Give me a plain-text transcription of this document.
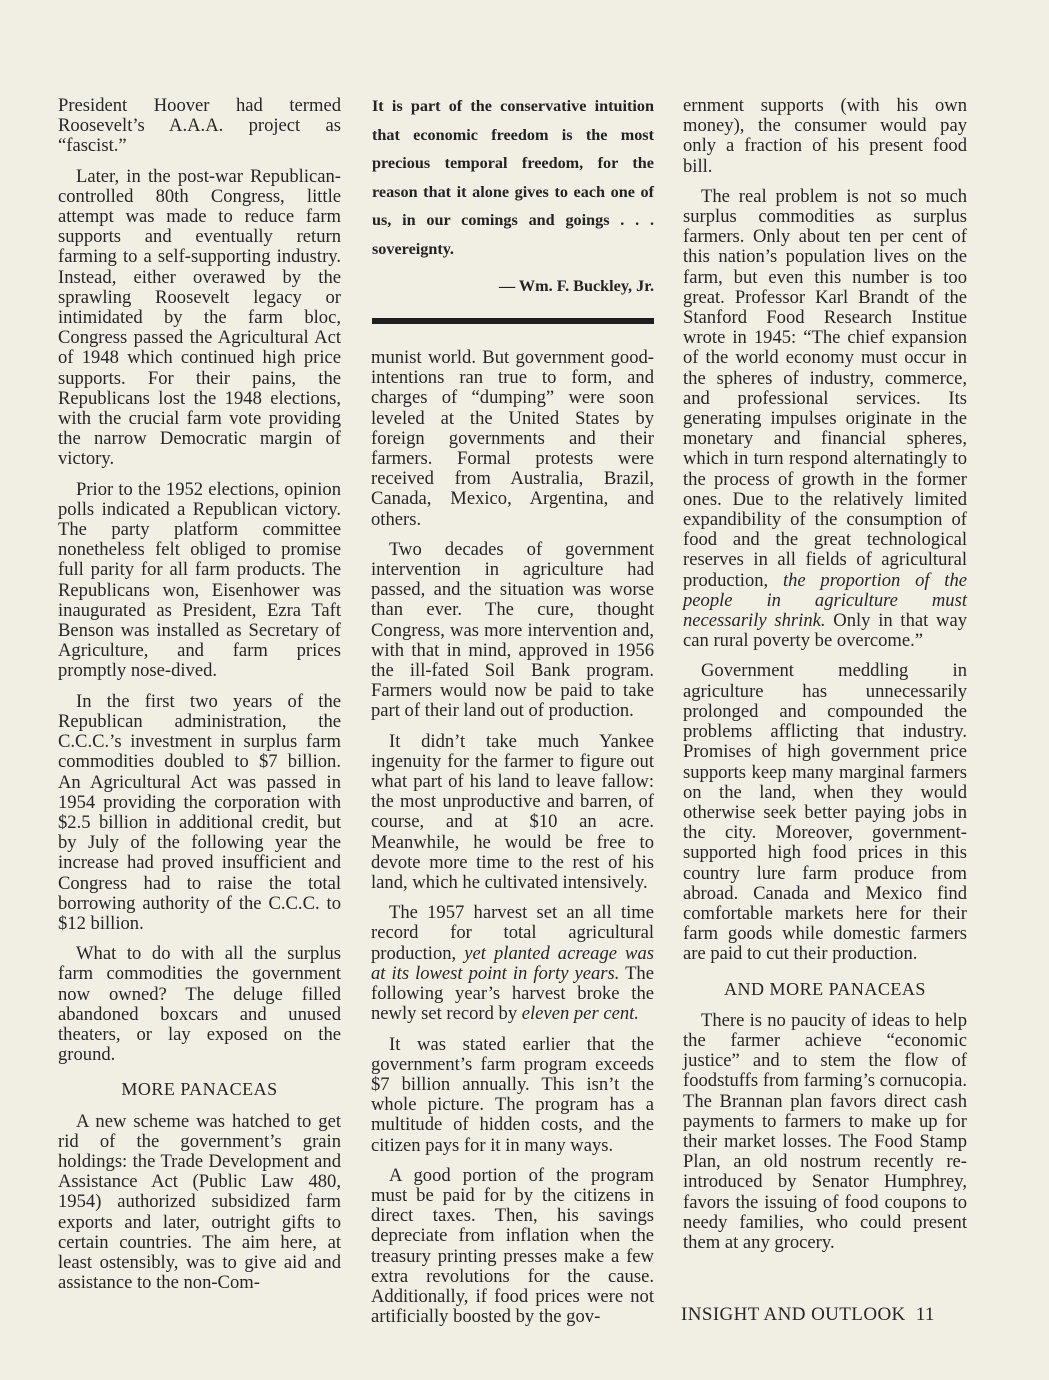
President Hoover had termed Roosevelt’s A.A.A. project as “fascist.”

Later, in the post-war Republican-controlled 80th Congress, little attempt was made to reduce farm supports and eventually return farming to a self-supporting industry. Instead, either overawed by the sprawling Roosevelt legacy or intimidated by the farm bloc, Congress passed the Agricultural Act of 1948 which continued high price supports. For their pains, the Republicans lost the 1948 elections, with the crucial farm vote providing the narrow Democratic margin of victory.

Prior to the 1952 elections, opinion polls indicated a Republican victory. The party platform committee nonetheless felt obliged to promise full parity for all farm products. The Republicans won, Eisenhower was inaugurated as President, Ezra Taft Benson was installed as Secretary of Agriculture, and farm prices promptly nose-dived.

In the first two years of the Republican administration, the C.C.C.’s investment in surplus farm commodities doubled to $7 billion. An Agricultural Act was passed in 1954 providing the corporation with $2.5 billion in additional credit, but by July of the following year the increase had proved insufficient and Congress had to raise the total borrowing authority of the C.C.C. to $12 billion.

What to do with all the surplus farm commodities the government now owned? The deluge filled abandoned boxcars and unused theaters, or lay exposed on the ground.

MORE PANACEAS

A new scheme was hatched to get rid of the government’s grain holdings: the Trade Development and Assistance Act (Public Law 480, 1954) authorized subsidized farm exports and later, outright gifts to certain countries. The aim here, at least ostensibly, was to give aid and assistance to the non-Com-

It is part of the conservative intuition that economic freedom is the most precious temporal freedom, for the reason that it alone gives to each one of us, in our comings and goings . . . sovereignty.
— Wm. F. Buckley, Jr.

munist world. But government good-intentions ran true to form, and charges of “dumping” were soon leveled at the United States by foreign governments and their farmers. Formal protests were received from Australia, Brazil, Canada, Mexico, Argentina, and others.

Two decades of government intervention in agriculture had passed, and the situation was worse than ever. The cure, thought Congress, was more intervention and, with that in mind, approved in 1956 the ill-fated Soil Bank program. Farmers would now be paid to take part of their land out of production.

It didn’t take much Yankee ingenuity for the farmer to figure out what part of his land to leave fallow: the most unproductive and barren, of course, and at $10 an acre. Meanwhile, he would be free to devote more time to the rest of his land, which he cultivated intensively.

The 1957 harvest set an all time record for total agricultural production, yet planted acreage was at its lowest point in forty years. The following year’s harvest broke the newly set record by eleven per cent.

It was stated earlier that the government’s farm program exceeds $7 billion annually. This isn’t the whole picture. The program has a multitude of hidden costs, and the citizen pays for it in many ways.

A good portion of the program must be paid for by the citizens in direct taxes. Then, his savings depreciate from inflation when the treasury printing presses make a few extra revolutions for the cause. Additionally, if food prices were not artificially boosted by the gov-

ernment supports (with his own money), the consumer would pay only a fraction of his present food bill.

The real problem is not so much surplus commodities as surplus farmers. Only about ten per cent of this nation’s population lives on the farm, but even this number is too great. Professor Karl Brandt of the Stanford Food Research Institue wrote in 1945: “The chief expansion of the world economy must occur in the spheres of industry, commerce, and professional services. Its generating impulses originate in the monetary and financial spheres, which in turn respond alternatingly to the process of growth in the former ones. Due to the relatively limited expandibility of the consumption of food and the great technological reserves in all fields of agricultural production, the proportion of the people in agriculture must necessarily shrink. Only in that way can rural poverty be overcome.”

Government meddling in agriculture has unnecessarily prolonged and compounded the problems afflicting that industry. Promises of high government price supports keep many marginal farmers on the land, when they would otherwise seek better paying jobs in the city. Moreover, government-supported high food prices in this country lure farm produce from abroad. Canada and Mexico find comfortable markets here for their farm goods while domestic farmers are paid to cut their production.

AND MORE PANACEAS

There is no paucity of ideas to help the farmer achieve “economic justice” and to stem the flow of foodstuffs from farming’s cornucopia. The Brannan plan favors direct cash payments to farmers to make up for their market losses. The Food Stamp Plan, an old nostrum recently re-introduced by Senator Humphrey, favors the issuing of food coupons to needy families, who could present them at any grocery.

INSIGHT AND OUTLOOK 11
